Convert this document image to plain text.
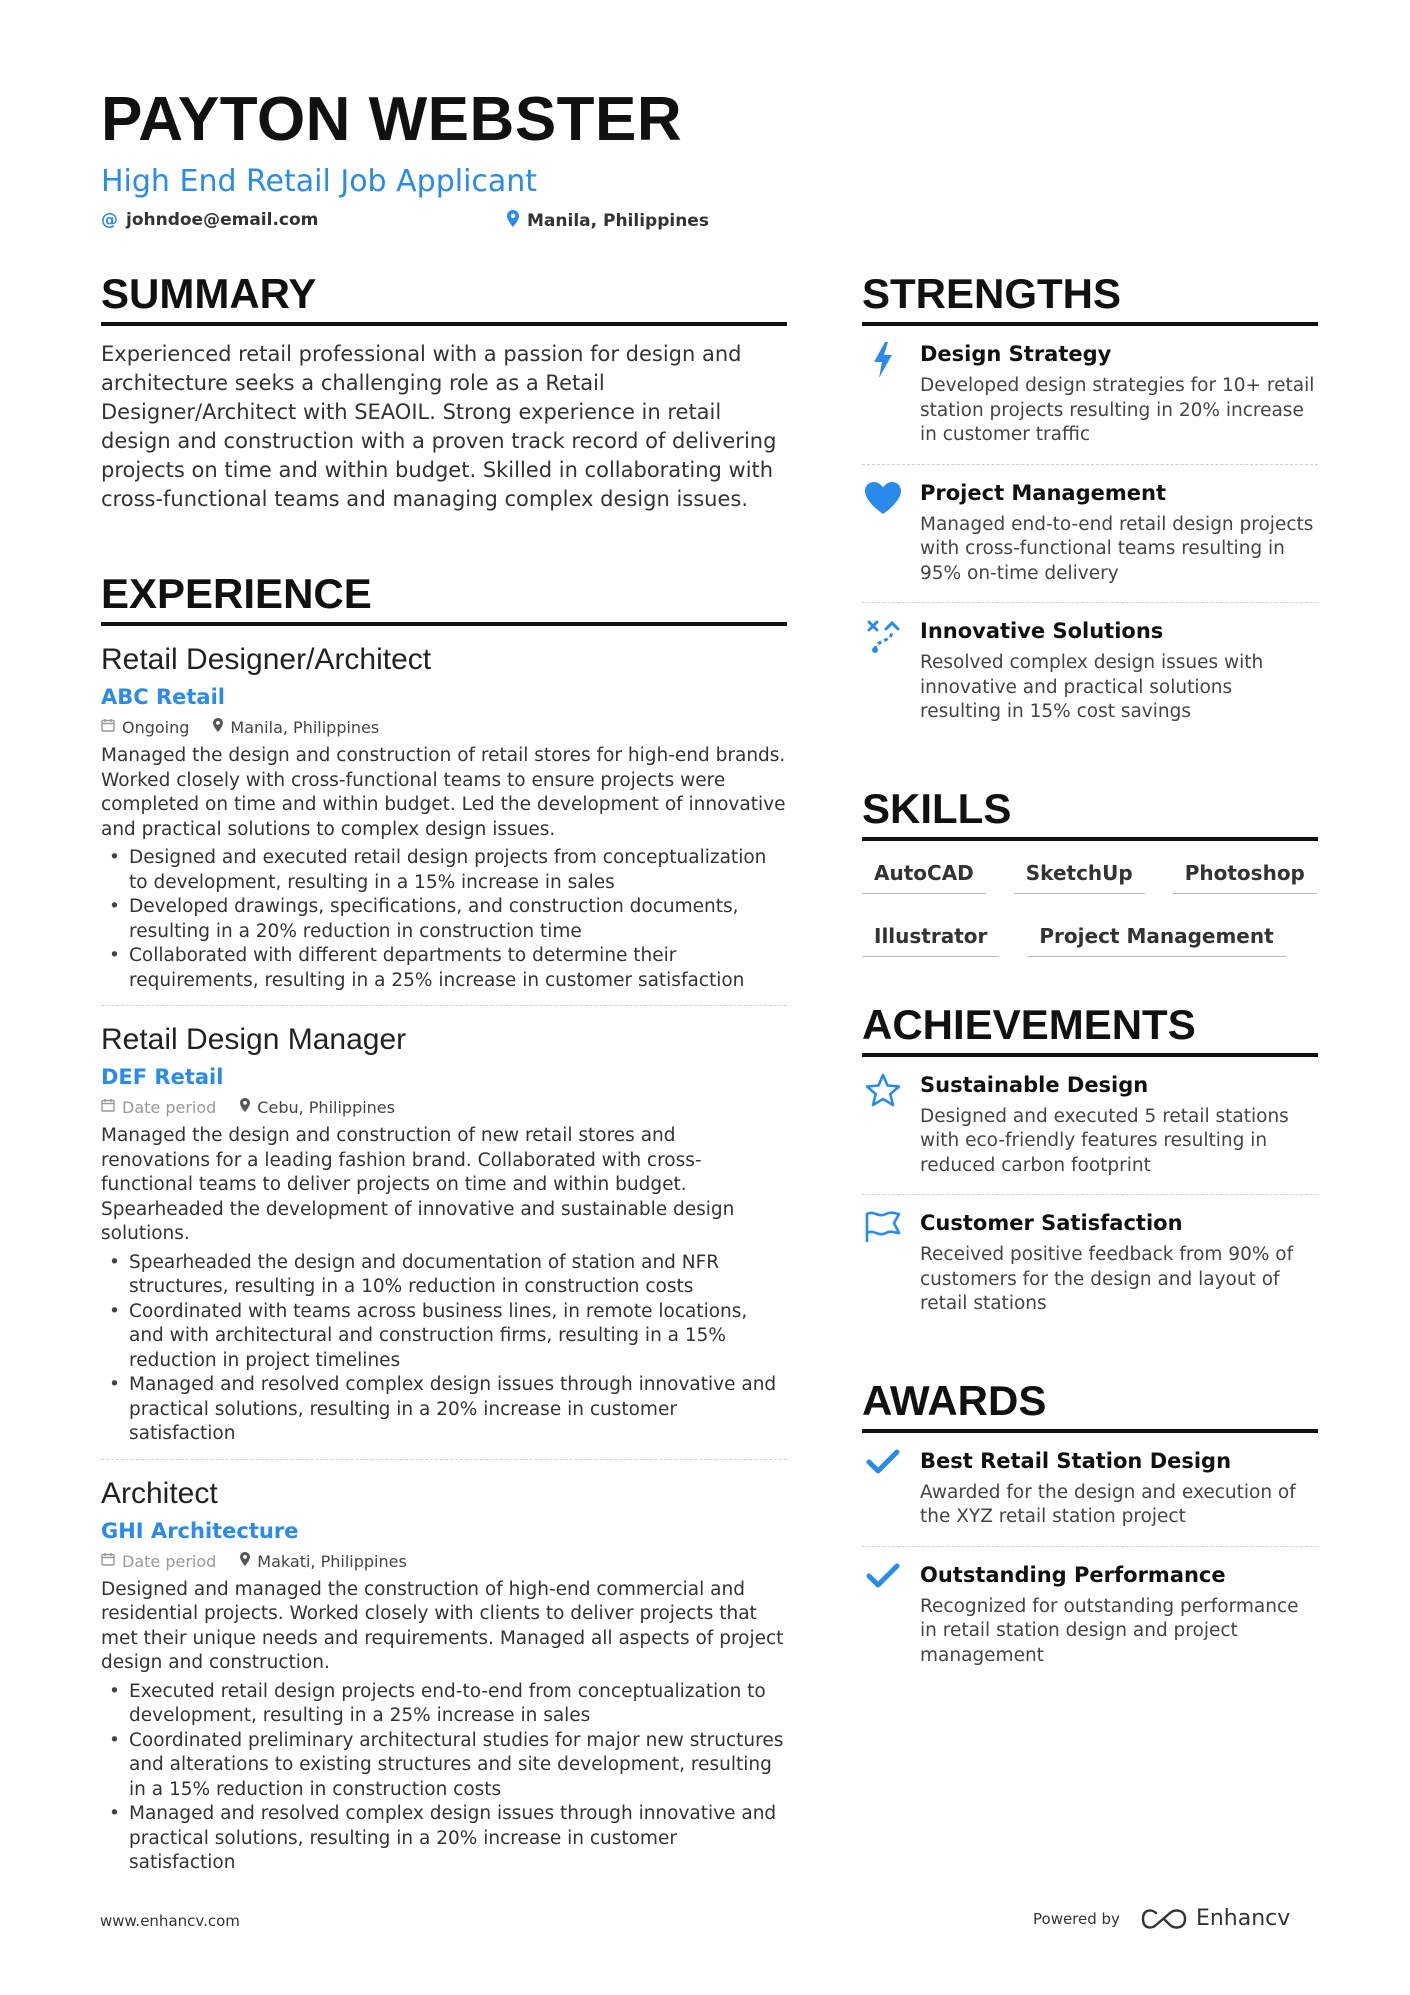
PAYTON WEBSTER
High End Retail Job Applicant
@ johndoe@email.com	Manila, Philippines
SUMMARY
Experienced retail professional with a passion for design and architecture seeks a challenging role as a Retail Designer/Architect with SEAOIL. Strong experience in retail design and construction with a proven track record of delivering projects on time and within budget. Skilled in collaborating with cross-functional teams and managing complex design issues.
EXPERIENCE
Retail Designer/Architect
ABC Retail
Ongoing	Manila, Philippines
Managed the design and construction of retail stores for high-end brands. Worked closely with cross-functional teams to ensure projects were completed on time and within budget. Led the development of innovative and practical solutions to complex design issues.
• Designed and executed retail design projects from conceptualization to development, resulting in a 15% increase in sales
• Developed drawings, specifications, and construction documents, resulting in a 20% reduction in construction time
• Collaborated with different departments to determine their requirements, resulting in a 25% increase in customer satisfaction
Retail Design Manager
DEF Retail
Date period	Cebu, Philippines
Managed the design and construction of new retail stores and renovations for a leading fashion brand. Collaborated with cross-functional teams to deliver projects on time and within budget. Spearheaded the development of innovative and sustainable design solutions.
• Spearheaded the design and documentation of station and NFR structures, resulting in a 10% reduction in construction costs
• Coordinated with teams across business lines, in remote locations, and with architectural and construction firms, resulting in a 15% reduction in project timelines
• Managed and resolved complex design issues through innovative and practical solutions, resulting in a 20% increase in customer satisfaction
Architect
GHI Architecture
Date period	Makati, Philippines
Designed and managed the construction of high-end commercial and residential projects. Worked closely with clients to deliver projects that met their unique needs and requirements. Managed all aspects of project design and construction.
• Executed retail design projects end-to-end from conceptualization to development, resulting in a 25% increase in sales
• Coordinated preliminary architectural studies for major new structures and alterations to existing structures and site development, resulting in a 15% reduction in construction costs
• Managed and resolved complex design issues through innovative and practical solutions, resulting in a 20% increase in customer satisfaction
STRENGTHS
Design Strategy
Developed design strategies for 10+ retail station projects resulting in 20% increase in customer traffic
Project Management
Managed end-to-end retail design projects with cross-functional teams resulting in 95% on-time delivery
Innovative Solutions
Resolved complex design issues with innovative and practical solutions resulting in 15% cost savings
SKILLS
AutoCAD	SketchUp	Photoshop
Illustrator	Project Management
ACHIEVEMENTS
Sustainable Design
Designed and executed 5 retail stations with eco-friendly features resulting in reduced carbon footprint
Customer Satisfaction
Received positive feedback from 90% of customers for the design and layout of retail stations
AWARDS
Best Retail Station Design
Awarded for the design and execution of the XYZ retail station project
Outstanding Performance
Recognized for outstanding performance in retail station design and project management
www.enhancv.com	Powered by	Enhancv
